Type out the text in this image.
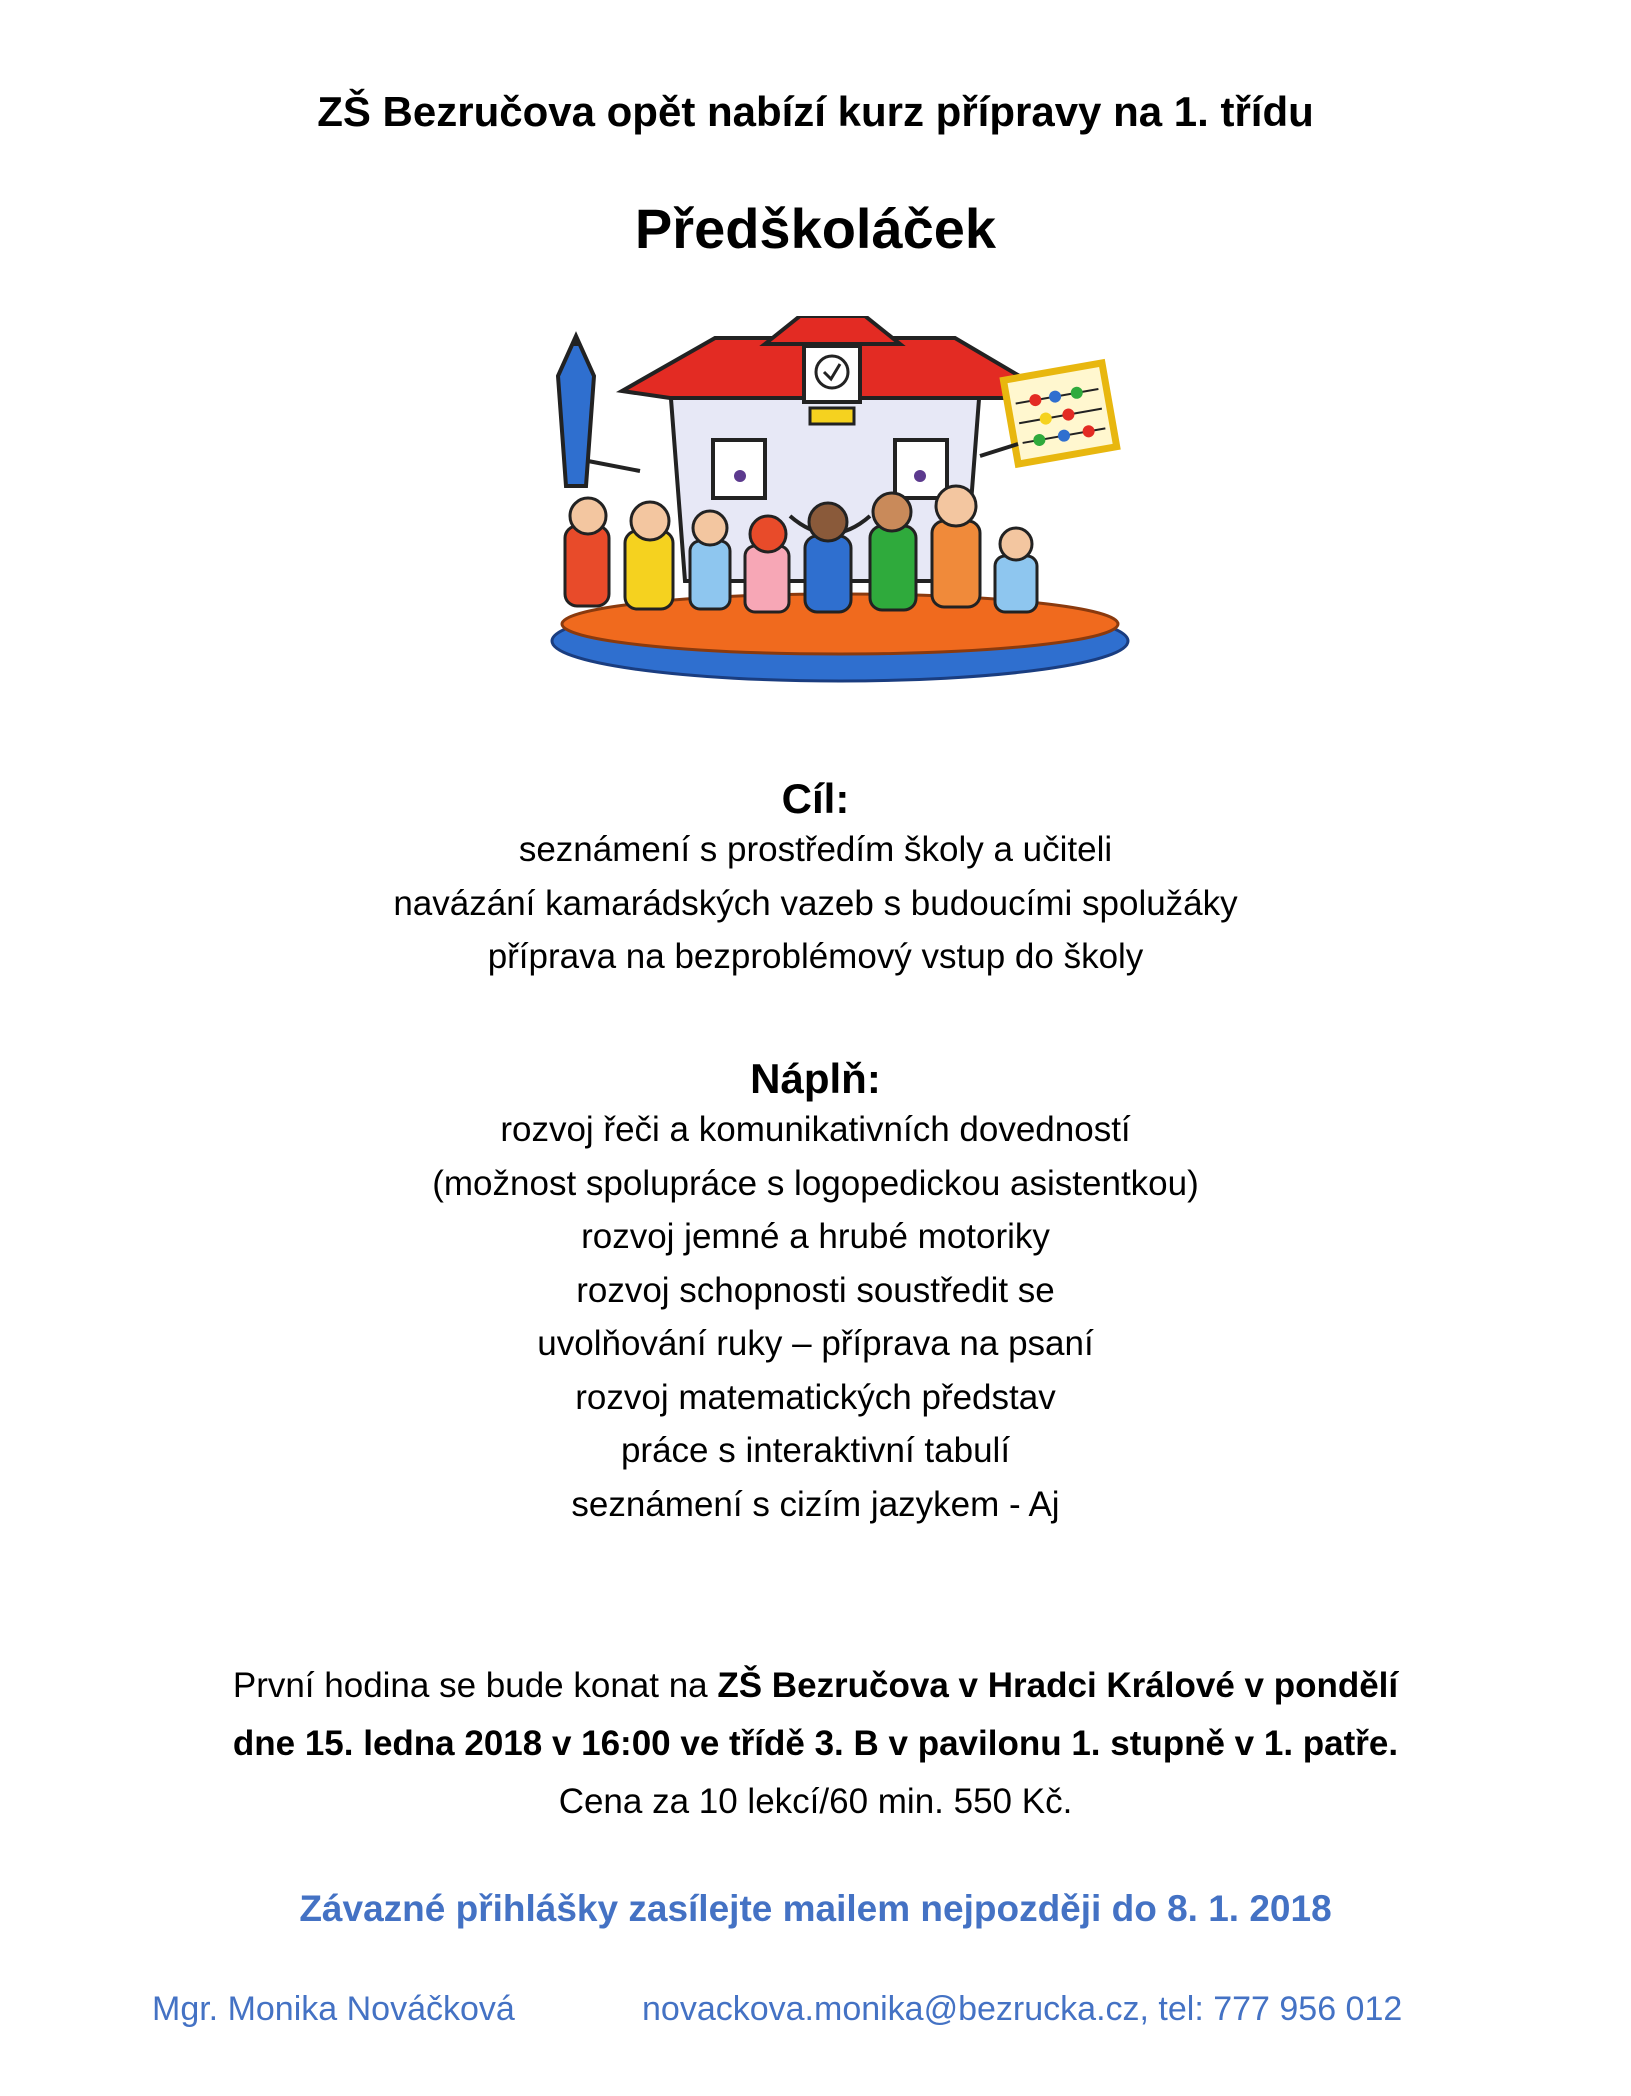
ZŠ Bezručova opět nabízí kurz přípravy na 1. třídu
Předškoláček
Cíl:
seznámení s prostředím školy a učiteli
navázání kamarádských vazeb s budoucími spolužáky
příprava na bezproblémový vstup do školy
Náplň:
rozvoj řeči a komunikativních dovedností
(možnost spolupráce s logopedickou asistentkou)
rozvoj jemné a hrubé motoriky
rozvoj schopnosti soustředit se
uvolňování ruky – příprava na psaní
rozvoj matematických představ
práce s interaktivní tabulí
seznámení s cizím jazykem - Aj
První hodina se bude konat na ZŠ Bezručova v Hradci Králové v pondělí
dne 15. ledna 2018 v 16:00 ve třídě 3. B v pavilonu 1. stupně v 1. patře.
Cena za 10 lekcí/60 min. 550 Kč.
Závazné přihlášky zasílejte mailem nejpozději do 8. 1. 2018
Mgr. Monika Nováčková	novackova.monika@bezrucka.cz, tel: 777 956 012
